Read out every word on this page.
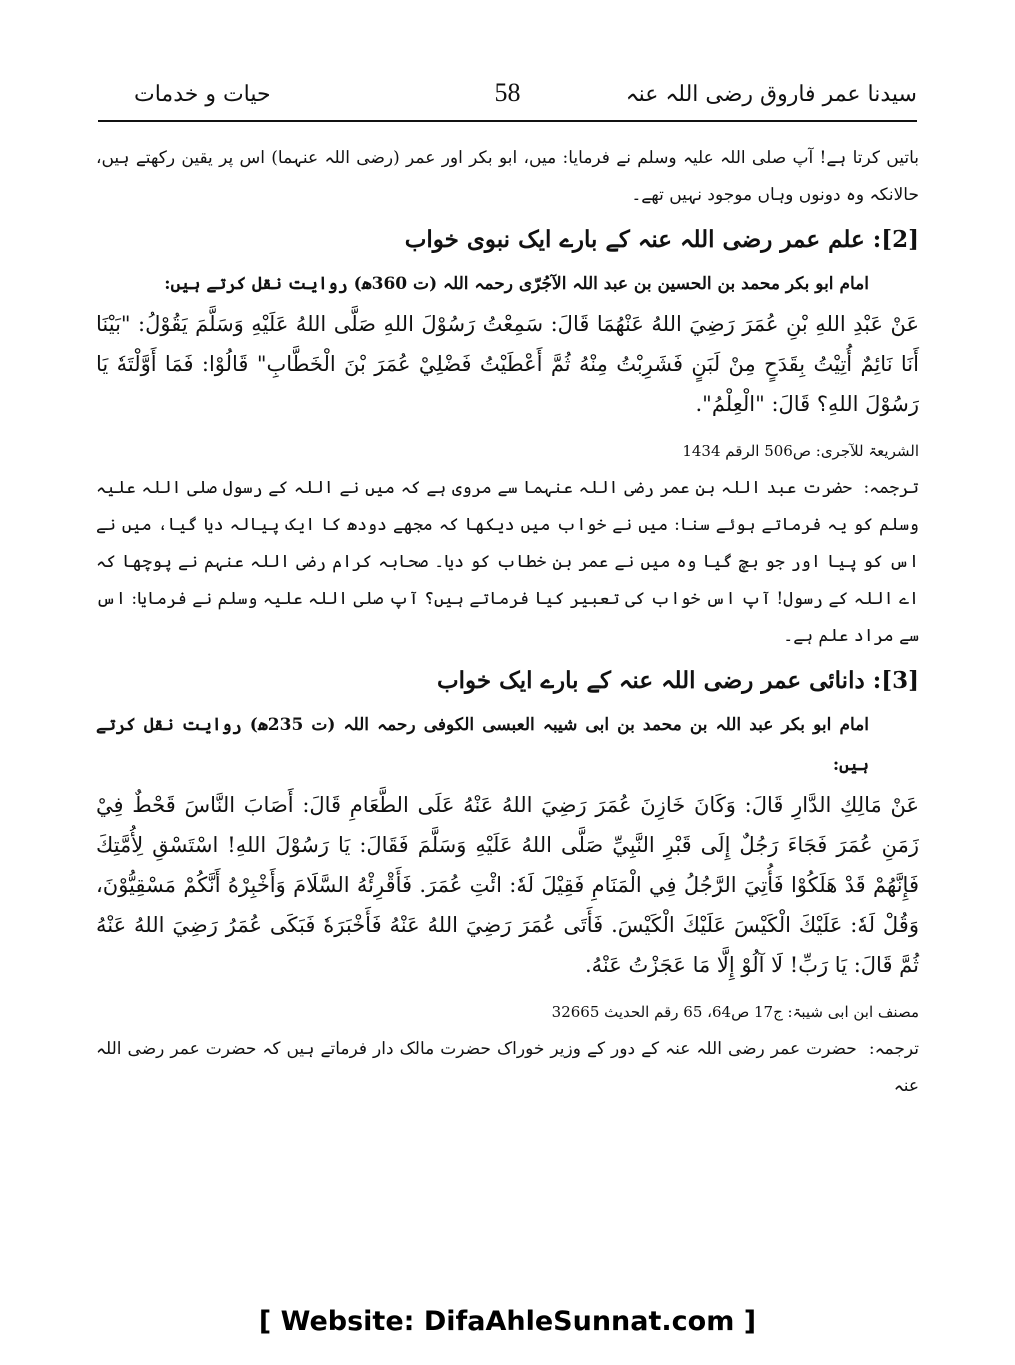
سیدنا عمر فاروق رضی اللہ عنہ
58
حیات و خدمات

باتیں کرتا ہے! آپ صلی اللہ علیہ وسلم نے فرمایا: میں، ابو بکر اور عمر (رضی اللہ عنہما) اس پر یقین رکھتے ہیں، حالانکہ وہ دونوں وہاں موجود نہیں تھے۔

[2]: علم عمر رضی اللہ عنہ کے بارے ایک نبوی خواب

امام ابو بکر محمد بن الحسین بن عبد اللہ الآجُرّی رحمہ اللہ (ت 360ھ) روایت نقل کرتے ہیں:

عَنْ عَبْدِ اللهِ بْنِ عُمَرَ رَضِيَ اللهُ عَنْهُمَا قَالَ: سَمِعْتُ رَسُوْلَ اللهِ صَلَّى اللهُ عَلَيْهِ وَسَلَّمَ يَقُوْلُ: "بَيْنَا أَنَا نَائِمٌ أُتِيْتُ بِقَدَحٍ مِنْ لَبَنٍ فَشَرِبْتُ مِنْهُ ثُمَّ أَعْطَيْتُ فَضْلِيْ عُمَرَ بْنَ الْخَطَّابِ" قَالُوْا: فَمَا أَوَّلْتَهٗ يَا رَسُوْلَ اللهِ؟ قَالَ: "الْعِلْمُ".

الشریعۃ للآجری: ص506 الرقم 1434

ترجمہ:  حضرت عبد اللہ بن عمر رضی اللہ عنہما سے مروی ہے کہ میں نے اللہ کے رسول صلی اللہ علیہ وسلم کو یہ فرماتے ہوئے سنا: میں نے خواب میں دیکھا کہ مجھے دودھ کا ایک پیالہ دیا گیا، میں نے اس کو پیا اور جو بچ گیا وہ میں نے عمر بن خطاب کو دیا۔ صحابہ کرام رضی اللہ عنہم نے پوچھا کہ اے اللہ کے رسول! آپ اس خواب کی تعبیر کیا فرماتے ہیں؟ آپ صلی اللہ علیہ وسلم نے فرمایا: اس سے مراد علم ہے۔

[3]: دانائی عمر رضی اللہ عنہ کے بارے ایک خواب

امام ابو بکر عبد اللہ بن محمد بن ابی شیبہ العبسی الکوفی رحمہ اللہ (ت 235ھ) روایت نقل کرتے ہیں:

عَنْ مَالِكِ الدَّارِ قَالَ: وَكَانَ خَازِنَ عُمَرَ رَضِيَ اللهُ عَنْهُ عَلَى الطَّعَامِ قَالَ: أَصَابَ النَّاسَ قَحْطٌ فِيْ زَمَنِ عُمَرَ فَجَاءَ رَجُلٌ إِلَى قَبْرِ النَّبِيِّ صَلَّى اللهُ عَلَيْهِ وَسَلَّمَ فَقَالَ: يَا رَسُوْلَ اللهِ! اسْتَسْقِ لِأُمَّتِكَ فَإِنَّهُمْ قَدْ هَلَكُوْا فَأُتِيَ الرَّجُلُ فِي الْمَنَامِ فَقِيْلَ لَهٗ: ائْتِ عُمَرَ. فَأَقْرِئْهُ السَّلَامَ وَأَخْبِرْهُ أَنَّكُمْ مَسْقِيُّوْنَ، وَقُلْ لَهٗ: عَلَيْكَ الْكَيْسَ عَلَيْكَ الْكَيْسَ. فَأَتَى عُمَرَ رَضِيَ اللهُ عَنْهُ فَأَخْبَرَهٗ فَبَكَى عُمَرُ رَضِيَ اللهُ عَنْهُ ثُمَّ قَالَ: يَا رَبِّ! لَا آلُوْ إِلَّا مَا عَجَزْتُ عَنْهُ.

مصنف ابن ابی شیبۃ: ج17 ص64، 65 رقم الحدیث 32665

ترجمہ:  حضرت عمر رضی اللہ عنہ کے دور کے وزیر خوراک حضرت مالک دار فرماتے ہیں کہ حضرت عمر رضی اللہ عنہ

[ Website: DifaAhleSunnat.com ]
